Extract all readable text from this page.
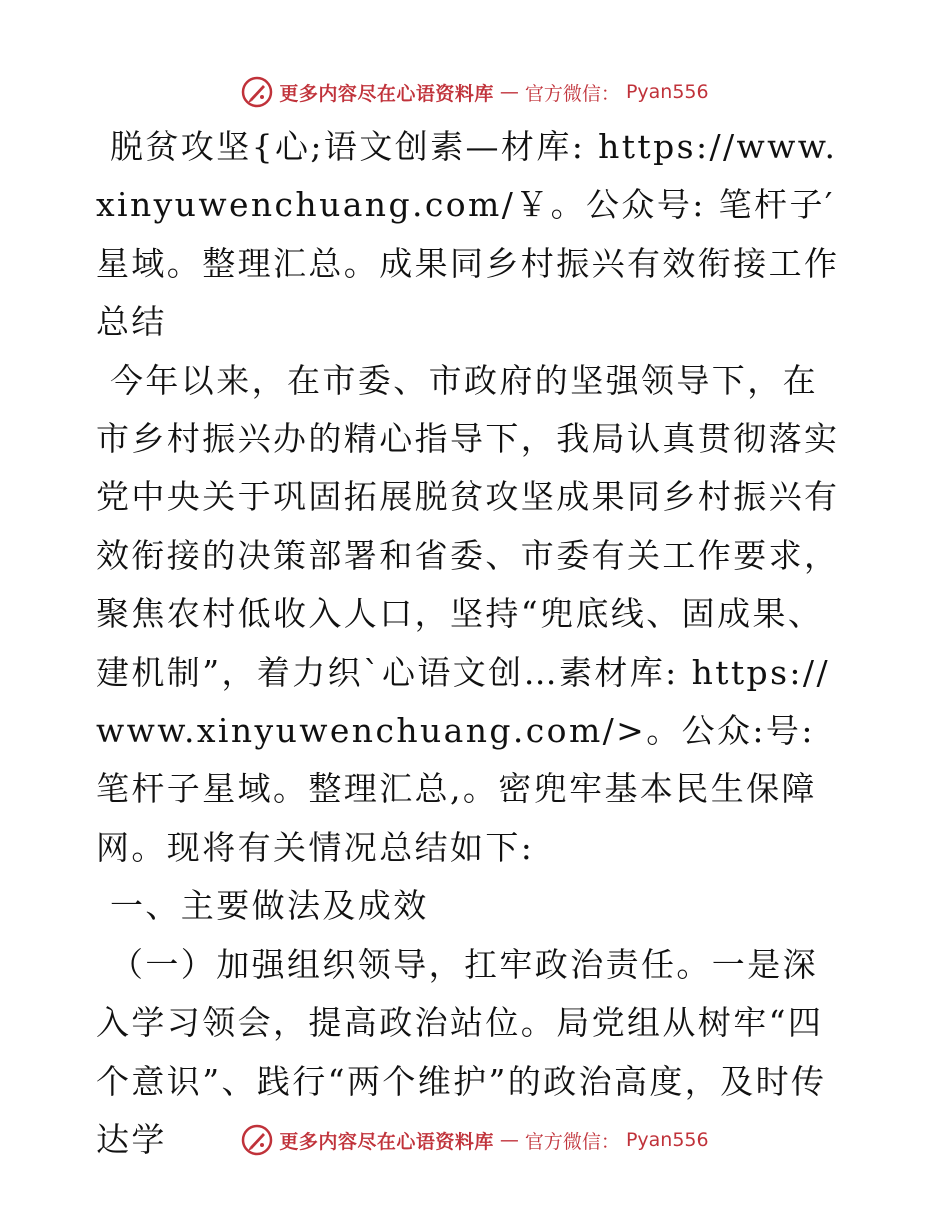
更多内容尽在心语资料库 — 官方微信： Pyan556

脱贫攻坚{心;语文创素—材库: https://www.xinyuwenchuang.com/￥。公众号: 笔杆子′星域。整理汇总。成果同乡村振兴有效衔接工作总结

今年以来，在市委、市政府的坚强领导下，在市乡村振兴办的精心指导下，我局认真贯彻落实党中央关于巩固拓展脱贫攻坚成果同乡村振兴有效衔接的决策部署和省委、市委有关工作要求，聚焦农村低收入人口，坚持“兜底线、固成果、建机制”，着力织`心语文创…素材库: https://www.xinyuwenchuang.com/>。公众:号: 笔杆子星域。整理汇总,。密兜牢基本民生保障网。现将有关情况总结如下:

一、主要做法及成效

（一）加强组织领导，扛牢政治责任。一是深入学习领会，提高政治站位。局党组从树牢“四个意识”、践行“两个维护”的政治高度，及时传达学	更多内容尽在心语资料库 — 官方微信： Pyan556
